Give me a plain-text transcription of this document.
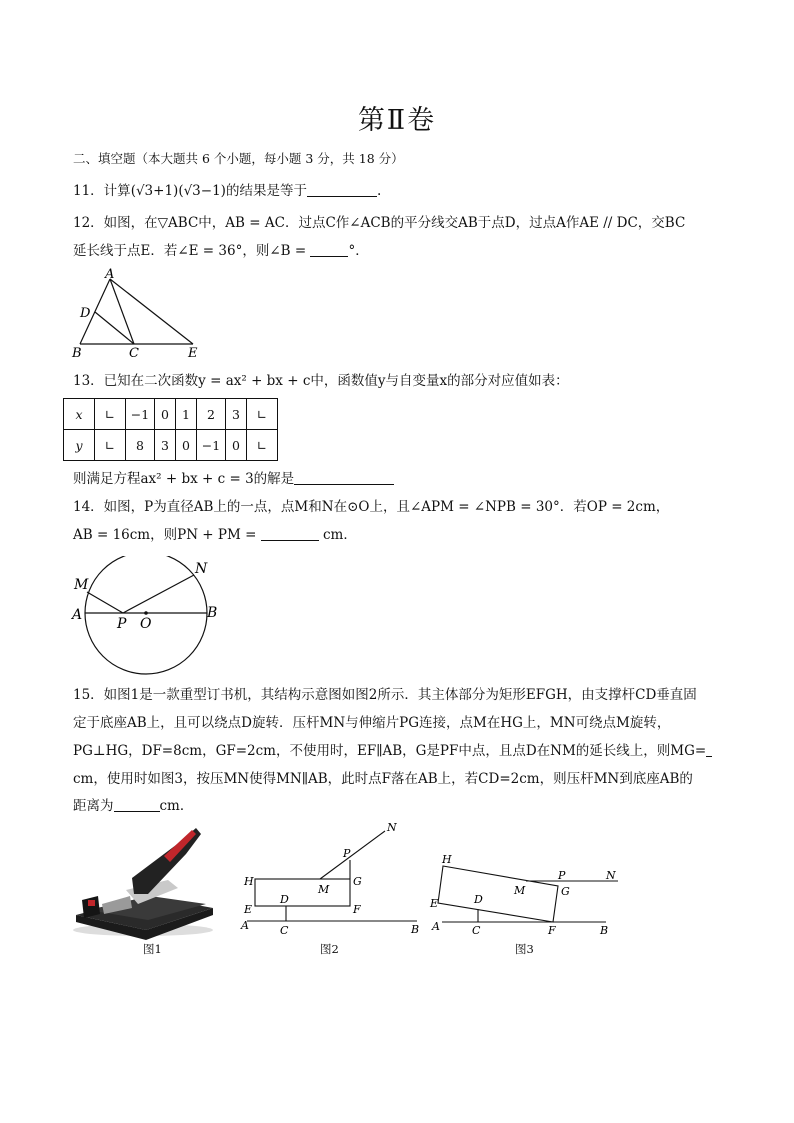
第Ⅱ卷
二、填空题（本大题共 6 个小题，每小题 3 分，共 18 分）
11．计算(√3+1)(√3−1)的结果是等于	.
12．如图，在▽ABC中，AB = AC．过点C作∠ACB的平分线交AB于点D，过点A作AE // DC，交BC
延长线于点E．若∠E = 36°，则∠B =	°．
A
D
B	C	E
13．已知在二次函数y = ax² + bx + c中，函数值y与自变量x的部分对应值如表：
x	∟	−1	0	1	2	3	∟
y	∟	8	3	0	−1	0	∟
则满足方程ax² + bx + c = 3的解是
14．如图，P为直径AB上的一点，点M和N在⊙O上，且∠APM = ∠NPB = 30°．若OP = 2cm，
AB = 16cm，则PN + PM =	cm．
M
N
A	B
P O
15．如图1是一款重型订书机，其结构示意图如图2所示．其主体部分为矩形EFGH，由支撑杆CD垂直固
定于底座AB上，且可以绕点D旋转．压杆MN与伸缩片PG连接，点M在HG上，MN可绕点M旋转，
PG⊥HG，DF=8cm，GF=2cm，不使用时，EF∥AB，G是PF中点，且点D在NM的延长线上，则MG=
cm，使用时如图3，按压MN使得MN∥AB，此时点F落在AB上，若CD=2cm，则压杆MN到底座AB的
距离为	cm．
图1
N
P
H
M
G
E
D
F
A	C	B
图2
H
P	N
M	G
E	D
A	C	F	B
图3
